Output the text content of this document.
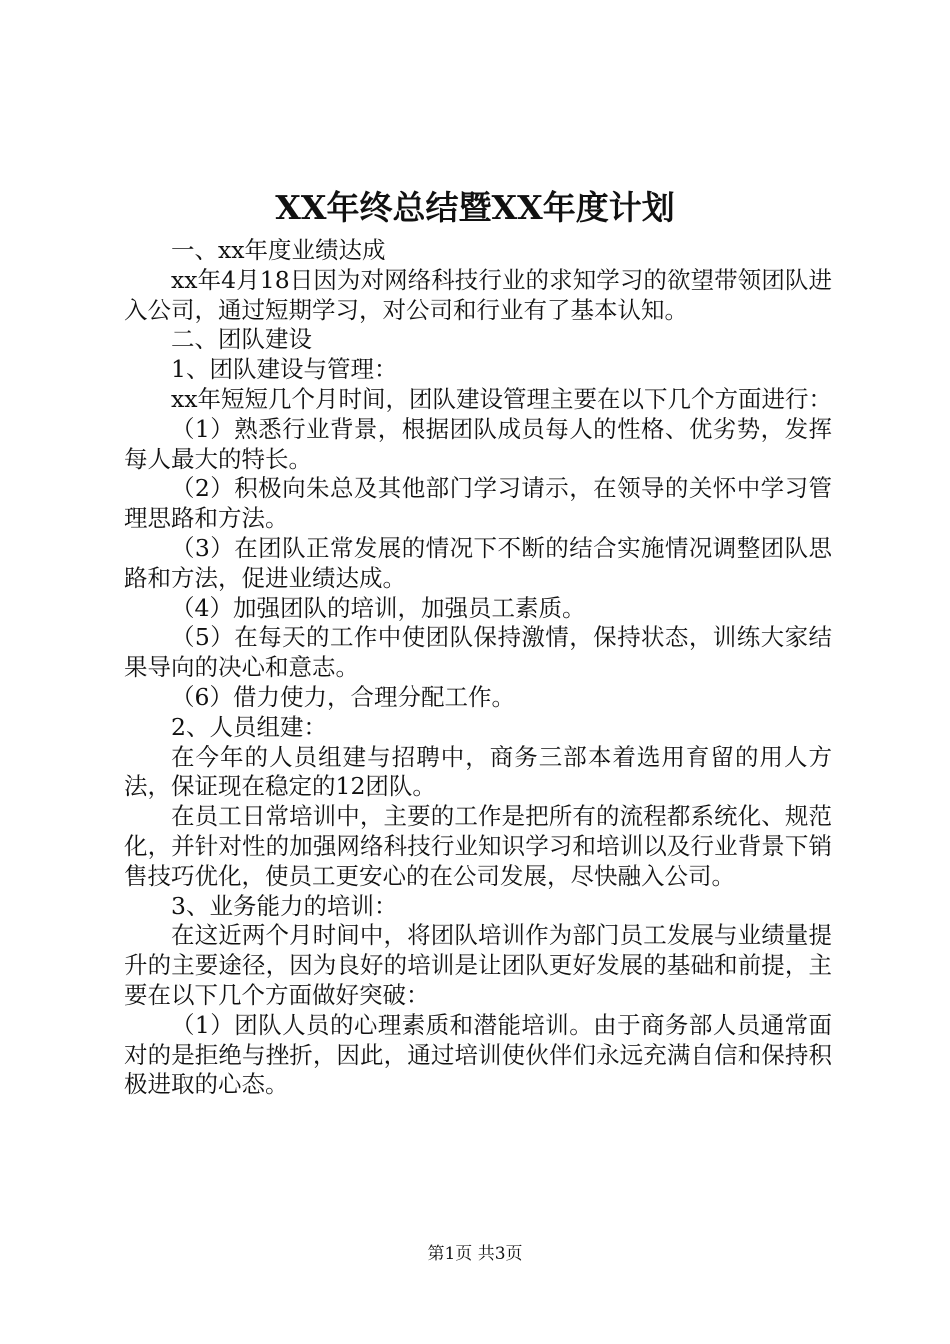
XX年终总结暨XX年度计划

一、xx年度业绩达成

xx年4月18日因为对网络科技行业的求知学习的欲望带领团队进入公司，通过短期学习，对公司和行业有了基本认知。

二、团队建设

1、团队建设与管理：

xx年短短几个月时间，团队建设管理主要在以下几个方面进行：

（1）熟悉行业背景，根据团队成员每人的性格、优劣势，发挥每人最大的特长。

（2）积极向朱总及其他部门学习请示，在领导的关怀中学习管理思路和方法。

（3）在团队正常发展的情况下不断的结合实施情况调整团队思路和方法，促进业绩达成。

（4）加强团队的培训，加强员工素质。

（5）在每天的工作中使团队保持激情，保持状态，训练大家结果导向的决心和意志。

（6）借力使力，合理分配工作。

2、人员组建：

在今年的人员组建与招聘中，商务三部本着选用育留的用人方法，保证现在稳定的12团队。

在员工日常培训中，主要的工作是把所有的流程都系统化、规范化，并针对性的加强网络科技行业知识学习和培训以及行业背景下销售技巧优化，使员工更安心的在公司发展，尽快融入公司。

3、业务能力的培训：

在这近两个月时间中，将团队培训作为部门员工发展与业绩量提升的主要途径，因为良好的培训是让团队更好发展的基础和前提，主要在以下几个方面做好突破：

（1）团队人员的心理素质和潜能培训。由于商务部人员通常面对的是拒绝与挫折，因此，通过培训使伙伴们永远充满自信和保持积极进取的心态。

第1页 共3页
